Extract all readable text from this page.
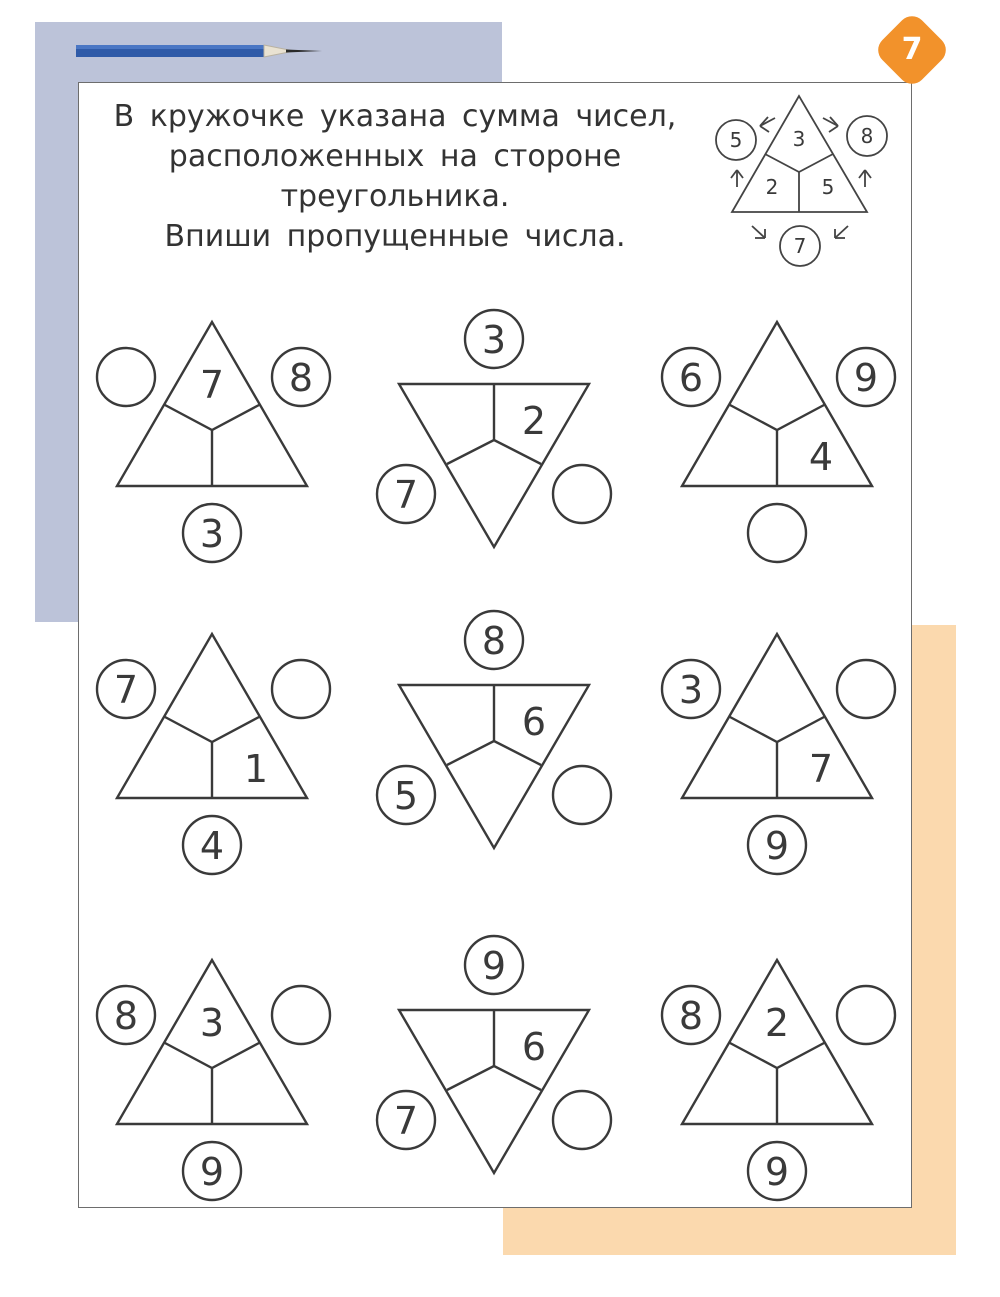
7
В кружочке указана сумма чисел,
расположенных на стороне
треугольника.
Впиши пропущенные числа.
3
2 5
5	8
7
7 8
3
2
3
7
4
6	9
1
7
4
6
8
5
7
3
9
3
8
9
6
9
7
2
8
9
